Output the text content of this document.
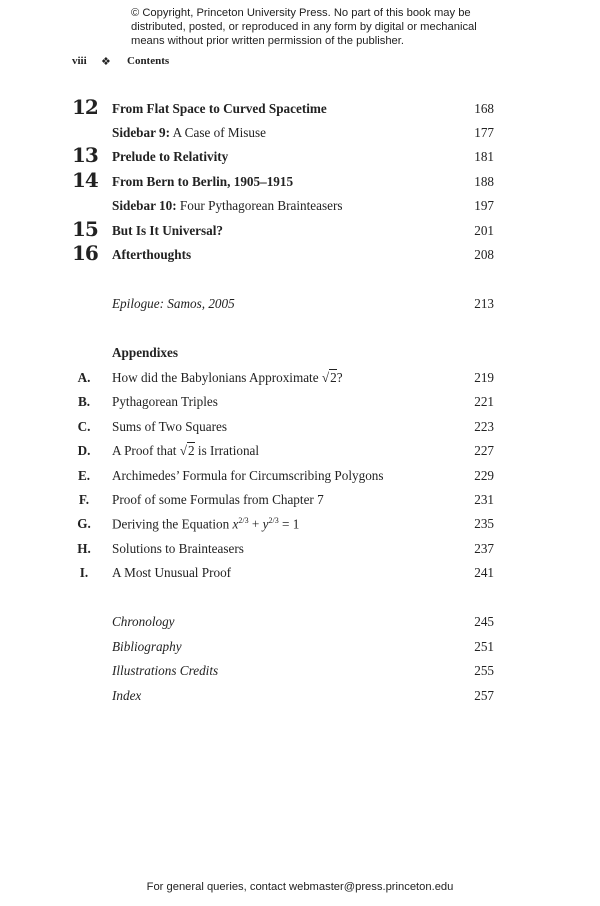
© Copyright, Princeton University Press. No part of this book may be distributed, posted, or reproduced in any form by digital or mechanical means without prior written permission of the publisher.
viii ❖ Contents
12 From Flat Space to Curved Spacetime	168
Sidebar 9: A Case of Misuse	177
13 Prelude to Relativity	181
14 From Bern to Berlin, 1905–1915	188
Sidebar 10: Four Pythagorean Brainteasers	197
15 But Is It Universal?	201
16 Afterthoughts	208
Epilogue: Samos, 2005	213
Appendixes
A.	How did the Babylonians Approximate √2?	219
B.	Pythagorean Triples	221
C.	Sums of Two Squares	223
D.	A Proof that √2 is Irrational	227
E.	Archimedes’ Formula for Circumscribing Polygons	229
F.	Proof of some Formulas from Chapter 7	231
G.	Deriving the Equation $x^{2/3} + y^{2/3} = 1$	235
H.	Solutions to Brainteasers	237
I.	A Most Unusual Proof	241
Chronology	245
Bibliography	251
Illustrations Credits	255
Index	257
For general queries, contact webmaster@press.princeton.edu
